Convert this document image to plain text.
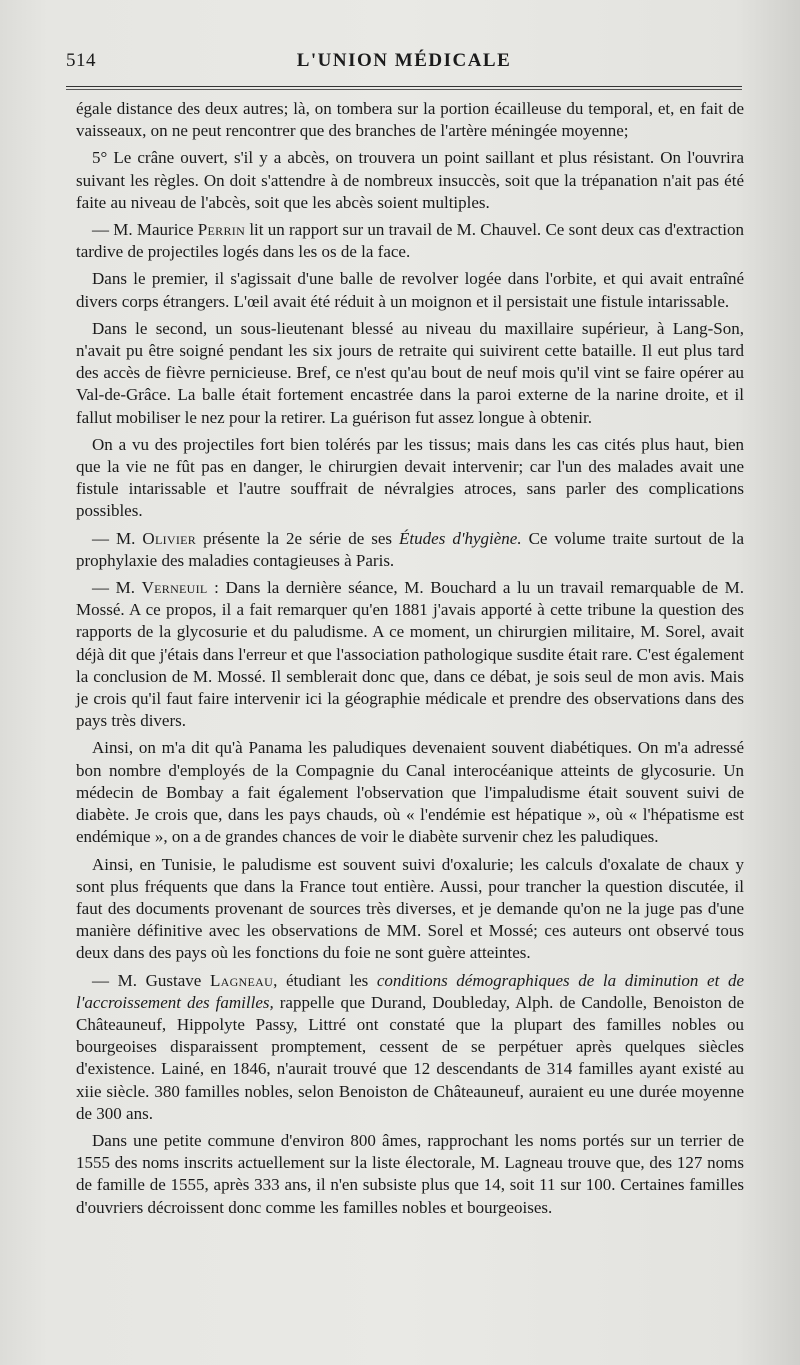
514	L'UNION MÉDICALE

égale distance des deux autres; là, on tombera sur la portion écailleuse du temporal, et, en fait de vaisseaux, on ne peut rencontrer que des branches de l'artère méningée moyenne;

5° Le crâne ouvert, s'il y a abcès, on trouvera un point saillant et plus résistant. On l'ouvrira suivant les règles. On doit s'attendre à de nombreux insuccès, soit que la trépanation n'ait pas été faite au niveau de l'abcès, soit que les abcès soient multiples.

— M. Maurice Perrin lit un rapport sur un travail de M. Chauvel. Ce sont deux cas d'extraction tardive de projectiles logés dans les os de la face.

Dans le premier, il s'agissait d'une balle de revolver logée dans l'orbite, et qui avait entraîné divers corps étrangers. L'œil avait été réduit à un moignon et il persistait une fistule intarissable.

Dans le second, un sous-lieutenant blessé au niveau du maxillaire supérieur, à Lang-Son, n'avait pu être soigné pendant les six jours de retraite qui suivirent cette bataille. Il eut plus tard des accès de fièvre pernicieuse. Bref, ce n'est qu'au bout de neuf mois qu'il vint se faire opérer au Val-de-Grâce. La balle était fortement encastrée dans la paroi externe de la narine droite, et il fallut mobiliser le nez pour la retirer. La guérison fut assez longue à obtenir.

On a vu des projectiles fort bien tolérés par les tissus; mais dans les cas cités plus haut, bien que la vie ne fût pas en danger, le chirurgien devait intervenir; car l'un des malades avait une fistule intarissable et l'autre souffrait de névralgies atroces, sans parler des complications possibles.

— M. Olivier présente la 2e série de ses Études d'hygiène. Ce volume traite surtout de la prophylaxie des maladies contagieuses à Paris.

— M. Verneuil : Dans la dernière séance, M. Bouchard a lu un travail remarquable de M. Mossé. A ce propos, il a fait remarquer qu'en 1881 j'avais apporté à cette tribune la question des rapports de la glycosurie et du paludisme. A ce moment, un chirurgien militaire, M. Sorel, avait déjà dit que j'étais dans l'erreur et que l'association pathologique susdite était rare. C'est également la conclusion de M. Mossé. Il semblerait donc que, dans ce débat, je sois seul de mon avis. Mais je crois qu'il faut faire intervenir ici la géographie médicale et prendre des observations dans des pays très divers.

Ainsi, on m'a dit qu'à Panama les paludiques devenaient souvent diabétiques. On m'a adressé bon nombre d'employés de la Compagnie du Canal interocéanique atteints de glycosurie. Un médecin de Bombay a fait également l'observation que l'impaludisme était souvent suivi de diabète. Je crois que, dans les pays chauds, où « l'endémie est hépatique », où « l'hépatisme est endémique », on a de grandes chances de voir le diabète survenir chez les paludiques.

Ainsi, en Tunisie, le paludisme est souvent suivi d'oxalurie; les calculs d'oxalate de chaux y sont plus fréquents que dans la France tout entière. Aussi, pour trancher la question discutée, il faut des documents provenant de sources très diverses, et je demande qu'on ne la juge pas d'une manière définitive avec les observations de MM. Sorel et Mossé; ces auteurs ont observé tous deux dans des pays où les fonctions du foie ne sont guère atteintes.

— M. Gustave Lagneau, étudiant les conditions démographiques de la diminution et de l'accroissement des familles, rappelle que Durand, Doubleday, Alph. de Candolle, Benoiston de Châteauneuf, Hippolyte Passy, Littré ont constaté que la plupart des familles nobles ou bourgeoises disparaissent promptement, cessent de se perpétuer après quelques siècles d'existence. Lainé, en 1846, n'aurait trouvé que 12 descendants de 314 familles ayant existé au xiie siècle. 380 familles nobles, selon Benoiston de Châteauneuf, auraient eu une durée moyenne de 300 ans.

Dans une petite commune d'environ 800 âmes, rapprochant les noms portés sur un terrier de 1555 des noms inscrits actuellement sur la liste électorale, M. Lagneau trouve que, des 127 noms de famille de 1555, après 333 ans, il n'en subsiste plus que 14, soit 11 sur 100. Certaines familles d'ouvriers décroissent donc comme les familles nobles et bourgeoises.
